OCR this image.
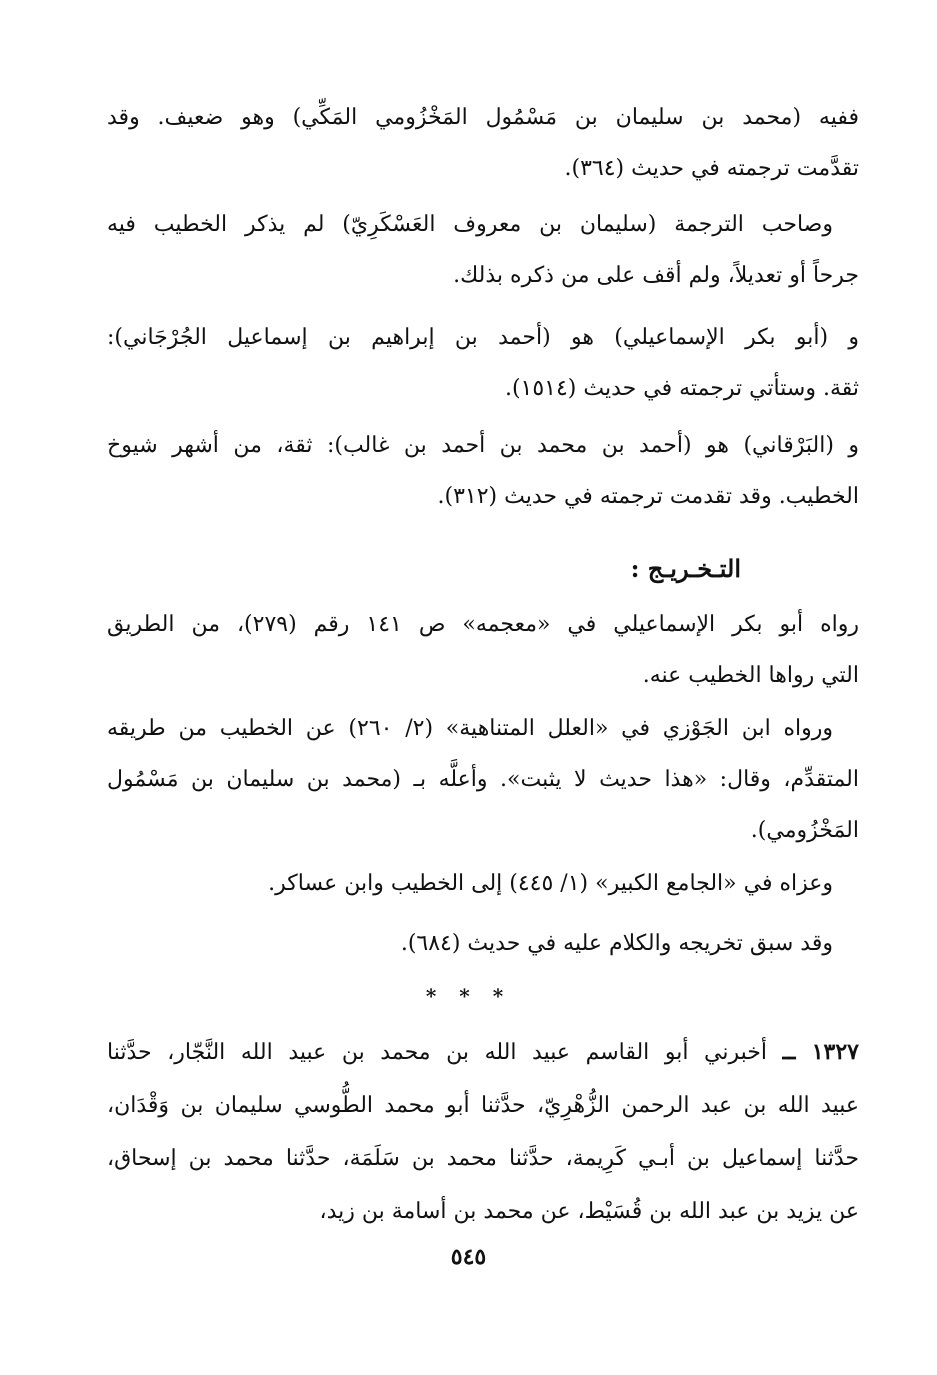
ففيه (محمد بن سليمان بن مَسْمُول المَخْزُومي المَكِّي) وهو ضعيف. وقد
تقدَّمت ترجمته في حديث (٣٦٤).

وصاحب الترجمة (سليمان بن معروف العَسْكَرِيّ) لم يذكر الخطيب فيه
جرحاً أو تعديلاً، ولم أقف على من ذكره بذلك.

و (أبو بكر الإسماعيلي) هو (أحمد بن إبراهيم بن إسماعيل الجُرْجَاني):
ثقة. وستأتي ترجمته في حديث (١٥١٤).

و (البَرْقاني) هو (أحمد بن محمد بن أحمد بن غالب): ثقة، من أشهر شيوخ
الخطيب. وقد تقدمت ترجمته في حديث (٣١٢).

التـخـريـج :

رواه أبو بكر الإسماعيلي في «معجمه» ص ١٤١ رقم (٢٧٩)، من الطريق
التي رواها الخطيب عنه.

ورواه ابن الجَوْزي في «العلل المتناهية» (٢/ ٢٦٠) عن الخطيب من طريقه
المتقدِّم، وقال: «هذا حديث لا يثبت». وأعلَّه بـ (محمد بن سليمان بن مَسْمُول
المَخْزُومي).

وعزاه في «الجامع الكبير» (١/ ٤٤٥) إلى الخطيب وابن عساكر.

وقد سبق تخريجه والكلام عليه في حديث (٦٨٤).

* * *

١٣٢٧ ــ أخبرني أبو القاسم عبيد الله بن محمد بن عبيد الله النَّجّار، حدَّثنا
عبيد الله بن عبد الرحمن الزُّهْرِيّ، حدَّثنا أبو محمد الطُّوسي سليمان بن وَقْدَان،
حدَّثنا إسماعيل بن أبـي كَرِيمة، حدَّثنا محمد بن سَلَمَة، حدَّثنا محمد بن إسحاق،
عن يزيد بن عبد الله بن قُسَيْط، عن محمد بن أسامة بن زيد،

٥٤٥
